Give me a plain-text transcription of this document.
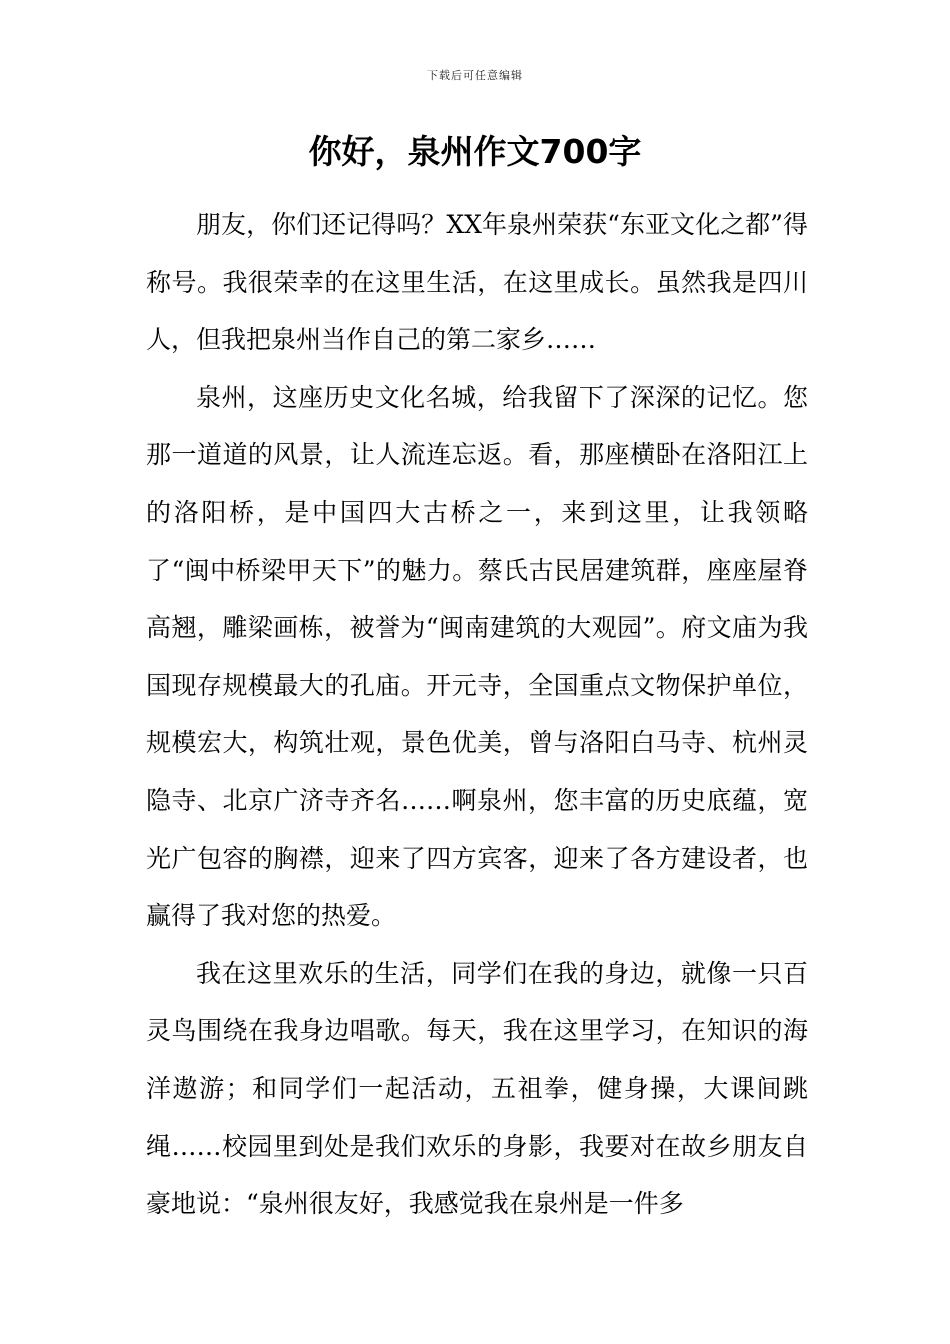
下载后可任意编辑
你好，泉州作文700字

朋友，你们还记得吗？XX年泉州荣获“东亚文化之都”得称号。我很荣幸的在这里生活，在这里成长。虽然我是四川人，但我把泉州当作自己的第二家乡……

泉州，这座历史文化名城，给我留下了深深的记忆。您那一道道的风景，让人流连忘返。看，那座横卧在洛阳江上的洛阳桥，是中国四大古桥之一，来到这里，让我领略了“闽中桥梁甲天下”的魅力。蔡氏古民居建筑群，座座屋脊高翘，雕梁画栋，被誉为“闽南建筑的大观园”。府文庙为我国现存规模最大的孔庙。开元寺，全国重点文物保护单位，规模宏大，构筑壮观，景色优美，曾与洛阳白马寺、杭州灵隐寺、北京广济寺齐名……啊泉州，您丰富的历史底蕴，宽光广包容的胸襟，迎来了四方宾客，迎来了各方建设者，也赢得了我对您的热爱。

我在这里欢乐的生活，同学们在我的身边，就像一只百灵鸟围绕在我身边唱歌。每天，我在这里学习，在知识的海洋遨游；和同学们一起活动，五祖拳，健身操，大课间跳绳……校园里到处是我们欢乐的身影，我要对在故乡朋友自豪地说：“泉州很友好，我感觉我在泉州是一件多
